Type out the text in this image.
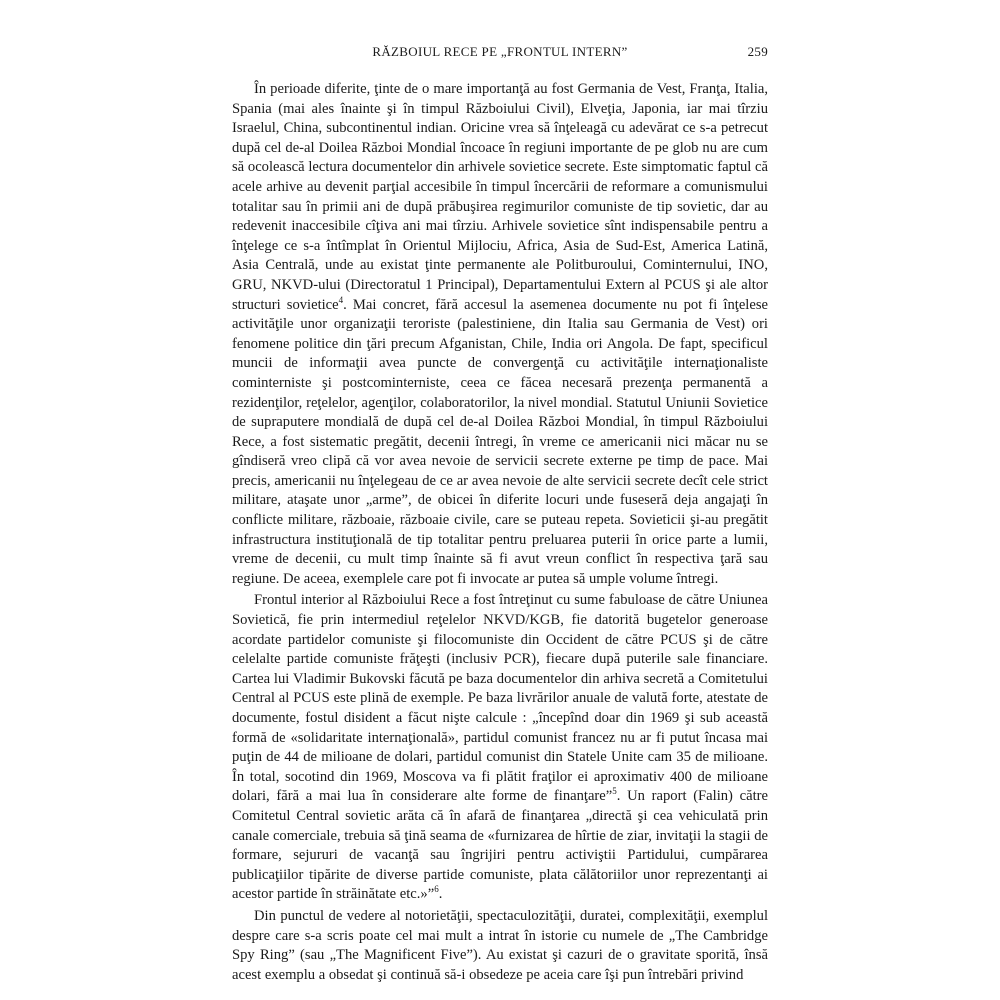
RĂZBOIUL RECE PE „FRONTUL INTERN”	259

În perioade diferite, ţinte de o mare importanţă au fost Germania de Vest, Franţa, Italia, Spania (mai ales înainte şi în timpul Războiului Civil), Elveţia, Japonia, iar mai tîrziu Israelul, China, subcontinentul indian. Oricine vrea să înţeleagă cu adevărat ce s-a petrecut după cel de-al Doilea Război Mondial încoace în regiuni importante de pe glob nu are cum să ocolească lectura documentelor din arhivele sovietice secrete. Este simptomatic faptul că acele arhive au devenit parţial accesibile în timpul încercării de reformare a comunismului totalitar sau în primii ani de după prăbuşirea regimurilor comuniste de tip sovietic, dar au redevenit inaccesibile cîţiva ani mai tîrziu. Arhivele sovietice sînt indispensabile pentru a înţelege ce s-a întîmplat în Orientul Mijlociu, Africa, Asia de Sud-Est, America Latină, Asia Centrală, unde au existat ţinte permanente ale Politburoului, Cominternului, INO, GRU, NKVD-ului (Directoratul 1 Principal), Departamentului Extern al PCUS şi ale altor structuri sovietice$^4$. Mai concret, fără accesul la asemenea documente nu pot fi înţelese activităţile unor organizaţii teroriste (palestiniene, din Italia sau Germania de Vest) ori fenomene politice din ţări precum Afganistan, Chile, India ori Angola. De fapt, specificul muncii de informaţii avea puncte de convergenţă cu activităţile internaţionaliste cominterniste şi postcominterniste, ceea ce făcea necesară prezenţa permanentă a rezidenţilor, reţelelor, agenţilor, colaboratorilor, la nivel mondial. Statutul Uniunii Sovietice de supraputere mondială de după cel de-al Doilea Război Mondial, în timpul Războiului Rece, a fost sistematic pregătit, decenii întregi, în vreme ce americanii nici măcar nu se gîndiseră vreo clipă că vor avea nevoie de servicii secrete externe pe timp de pace. Mai precis, americanii nu înţelegeau de ce ar avea nevoie de alte servicii secrete decît cele strict militare, ataşate unor „arme”, de obicei în diferite locuri unde fuseseră deja angajaţi în conflicte militare, războaie, războaie civile, care se puteau repeta. Sovieticii şi-au pregătit infrastructura instituţională de tip totalitar pentru preluarea puterii în orice parte a lumii, vreme de decenii, cu mult timp înainte să fi avut vreun conflict în respectiva ţară sau regiune. De aceea, exemplele care pot fi invocate ar putea să umple volume întregi.

Frontul interior al Războiului Rece a fost întreţinut cu sume fabuloase de către Uniunea Sovietică, fie prin intermediul reţelelor NKVD/KGB, fie datorită bugetelor generoase acordate partidelor comuniste şi filocomuniste din Occident de către PCUS şi de către celelalte partide comuniste frăţeşti (inclusiv PCR), fiecare după puterile sale financiare. Cartea lui Vladimir Bukovski făcută pe baza documentelor din arhiva secretă a Comitetului Central al PCUS este plină de exemple. Pe baza livrărilor anuale de valută forte, atestate de documente, fostul disident a făcut nişte calcule : „începînd doar din 1969 şi sub această formă de «solidaritate internaţională», partidul comunist francez nu ar fi putut încasa mai puţin de 44 de milioane de dolari, partidul comunist din Statele Unite cam 35 de milioane. În total, socotind din 1969, Moscova va fi plătit fraţilor ei aproximativ 400 de milioane dolari, fără a mai lua în considerare alte forme de finanţare”$^5$. Un raport (Falin) către Comitetul Central sovietic arăta că în afară de finanţarea „directă şi cea vehiculată prin canale comerciale, trebuia să ţină seama de «furnizarea de hîrtie de ziar, invitaţii la stagii de formare, sejururi de vacanţă sau îngrijiri pentru activiştii Partidului, cumpărarea publicaţiilor tipărite de diverse partide comuniste, plata călătoriilor unor reprezentanţi ai acestor partide în străinătate etc.»”$^6$.

Din punctul de vedere al notorietăţii, spectaculozităţii, duratei, complexităţii, exemplul despre care s-a scris poate cel mai mult a intrat în istorie cu numele de „The Cambridge Spy Ring” (sau „The Magnificent Five”). Au existat şi cazuri de o gravitate sporită, însă acest exemplu a obsedat şi continuă să-i obsedeze pe aceia care îşi pun întrebări privind
